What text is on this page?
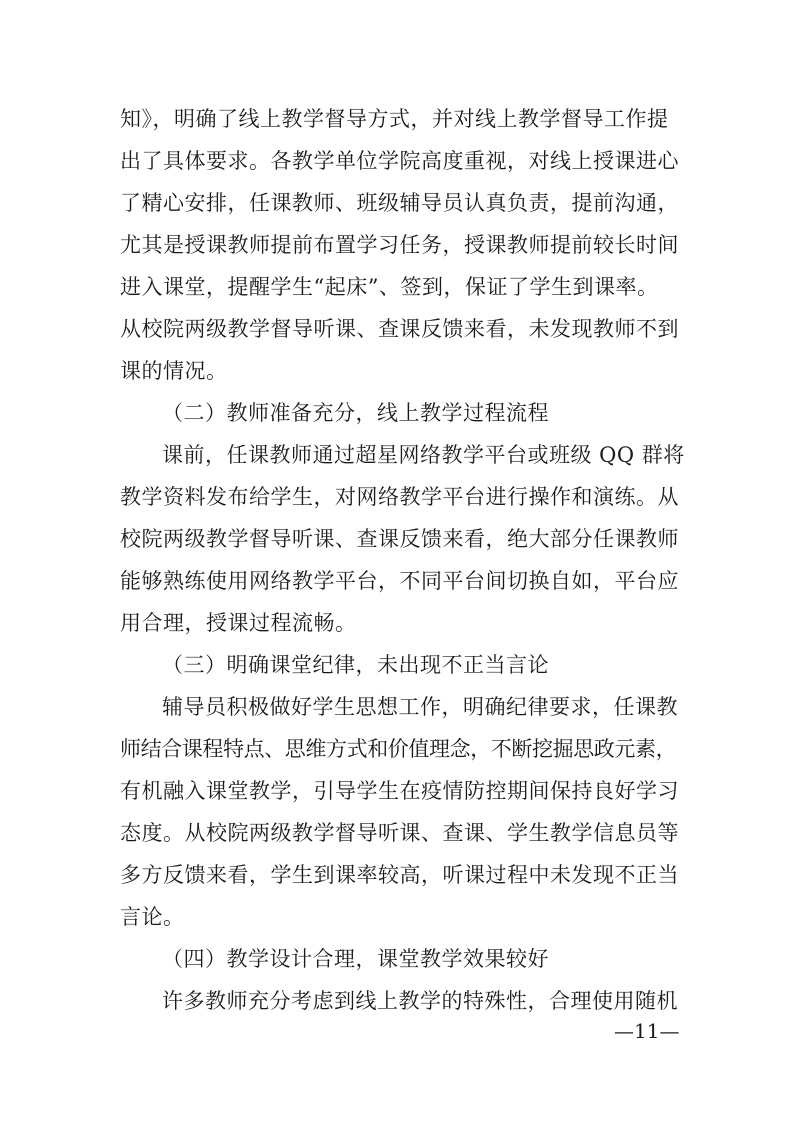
知》，明确了线上教学督导方式，并对线上教学督导工作提
出了具体要求。各教学单位学院高度重视，对线上授课进心
了精心安排，任课教师、班级辅导员认真负责，提前沟通，
尤其是授课教师提前布置学习任务，授课教师提前较长时间
进入课堂，提醒学生“起床”、签到，保证了学生到课率。
从校院两级教学督导听课、查课反馈来看，未发现教师不到
课的情况。
（二）教师准备充分，线上教学过程流程
课前，任课教师通过超星网络教学平台或班级 QQ 群将
教学资料发布给学生，对网络教学平台进行操作和演练。从
校院两级教学督导听课、查课反馈来看，绝大部分任课教师
能够熟练使用网络教学平台，不同平台间切换自如，平台应
用合理，授课过程流畅。
（三）明确课堂纪律，未出现不正当言论
辅导员积极做好学生思想工作，明确纪律要求，任课教
师结合课程特点、思维方式和价值理念，不断挖掘思政元素，
有机融入课堂教学，引导学生在疫情防控期间保持良好学习
态度。从校院两级教学督导听课、查课、学生教学信息员等
多方反馈来看，学生到课率较高，听课过程中未发现不正当
言论。
（四）教学设计合理，课堂教学效果较好
许多教师充分考虑到线上教学的特殊性，合理使用随机
—11—
